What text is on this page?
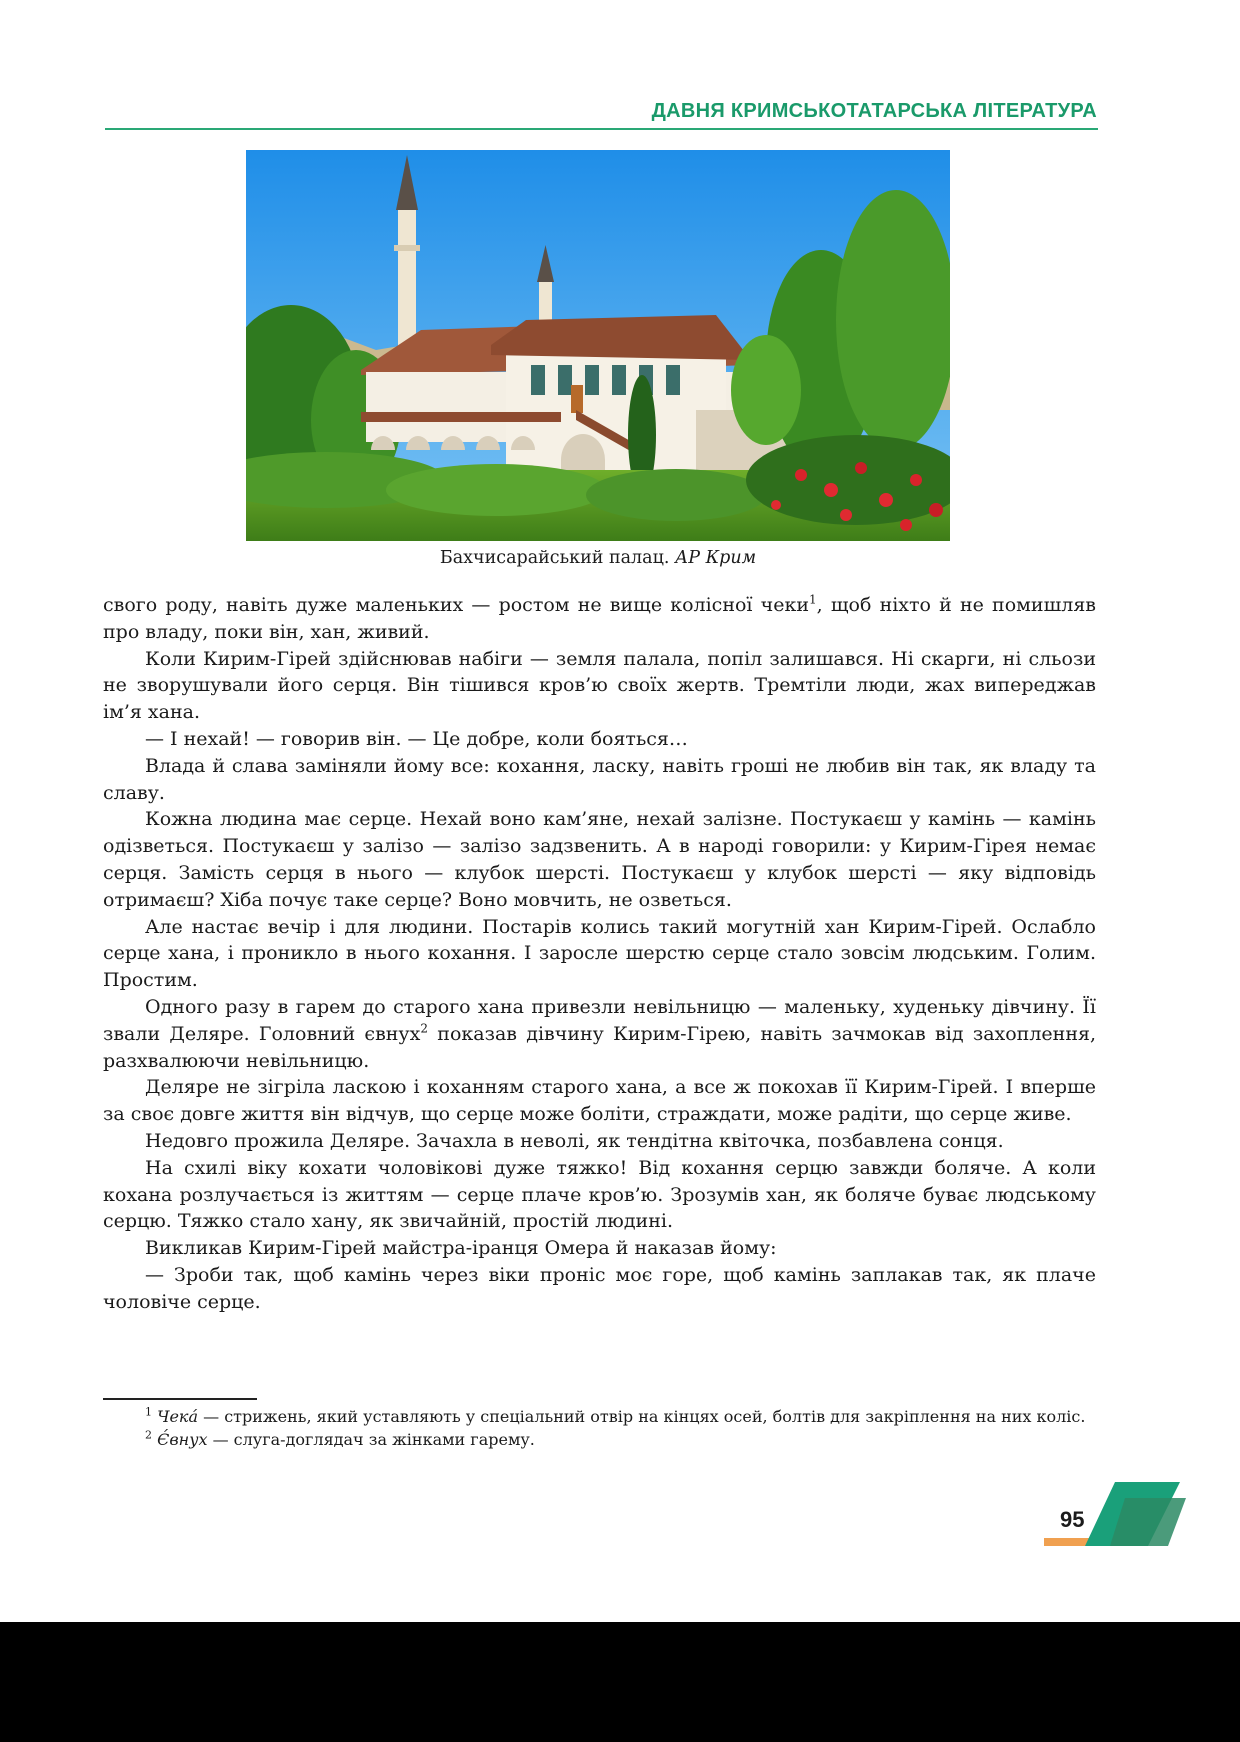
ДАВНЯ КРИМСЬКОТАТАРСЬКА ЛІТЕРАТУРА
Бахчисарайський палац. АР Крим

свого роду, навіть дуже маленьких — ростом не вище колісної чеки$^1$, щоб ніхто й не помишляв про владу, поки він, хан, живий.

Коли Кирим-Гірей здійснював набіги — земля палала, попіл залишався. Ні скарги, ні сльози не зворушували його серця. Він тішився кров’ю своїх жертв. Тремтіли люди, жах випереджав ім’я хана.

— І нехай! — говорив він. — Це добре, коли бояться…

Влада й слава заміняли йому все: кохання, ласку, навіть гроші не любив він так, як владу та славу.

Кожна людина має серце. Нехай воно кам’яне, нехай залізне. Постукаєш у камінь — камінь одізветься. Постукаєш у залізо — залізо задзвенить. А в народі говорили: у Кирим-Гірея немає серця. Замість серця в нього — клубок шерсті. Постукаєш у клубок шерсті — яку відповідь отримаєш? Хіба почує таке серце? Воно мовчить, не озветься.

Але настає вечір і для людини. Постарів колись такий могутній хан Кирим-Гірей. Ослабло серце хана, і проникло в нього кохання. І заросле шерстю серце стало зовсім людським. Голим. Простим.

Одного разу в гарем до старого хана привезли невільницю — маленьку, худеньку дівчину. Її звали Деляре. Головний євнух$^2$ показав дівчину Кирим-Гірею, навіть зачмокав від захоплення, разхвалюючи невільницю.

Деляре не зігріла ласкою і коханням старого хана, а все ж покохав її Кирим-Гірей. І вперше за своє довге життя він відчув, що серце може боліти, страждати, може радіти, що серце живе.

Недовго прожила Деляре. Зачахла в неволі, як тендітна квіточка, позбавлена сонця.

На схилі віку кохати чоловікові дуже тяжко! Від кохання серцю завжди боляче. А коли кохана розлучається із життям — серце плаче кров’ю. Зрозумів хан, як боляче буває людському серцю. Тяжко стало хану, як звичайній, простій людині.

Викликав Кирим-Гірей майстра-іранця Омера й наказав йому:

— Зроби так, щоб камінь через віки проніс моє горе, щоб камінь заплакав так, як плаче чоловіче серце.

$^1$ Чека́ — стрижень, який уставляють у спеціальний отвір на кінцях осей, болтів для закріплення на них коліс.

$^2$ Є́внух — слуга-доглядач за жінками гарему.

95
